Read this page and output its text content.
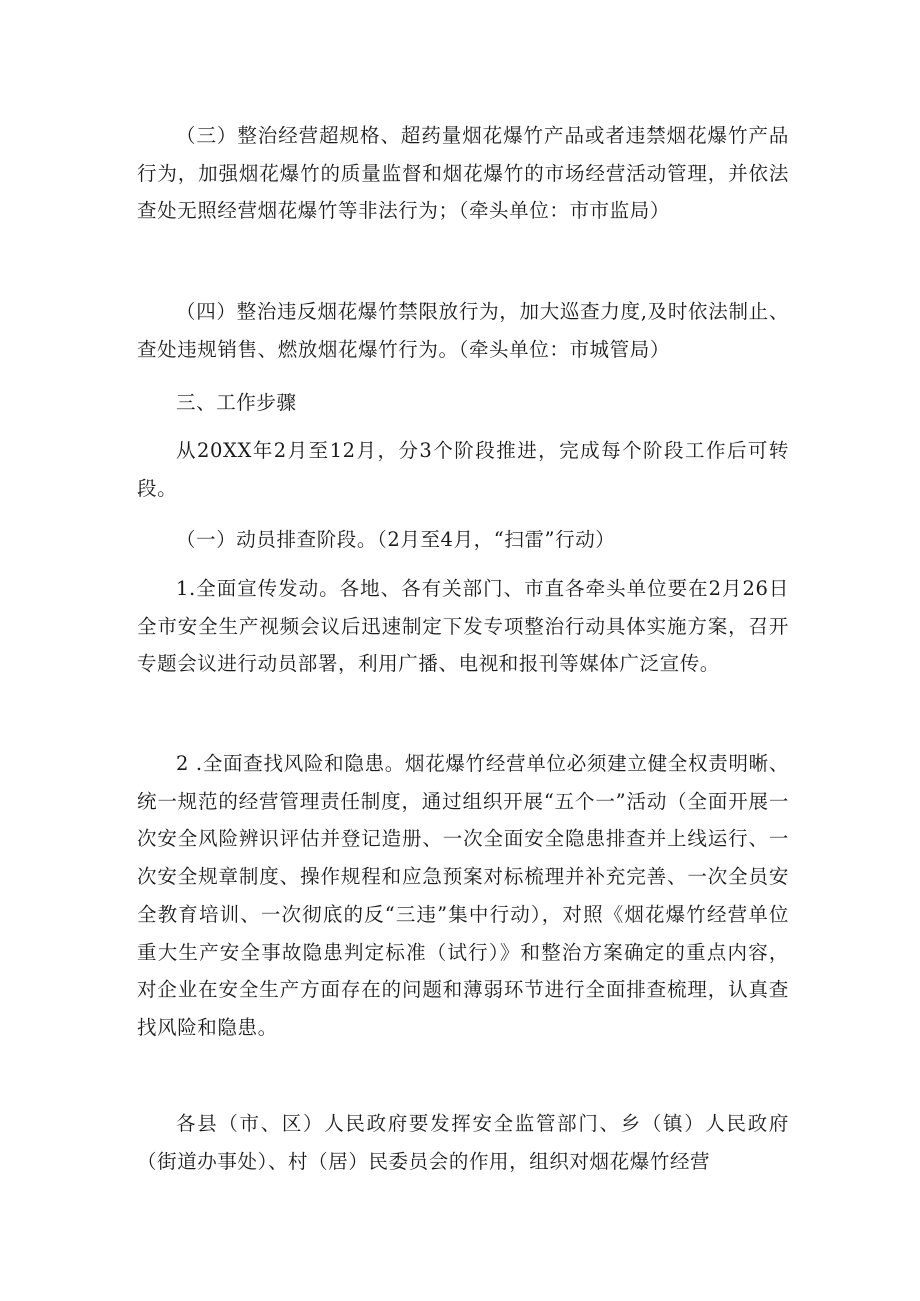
（三）整治经营超规格、超药量烟花爆竹产品或者违禁烟花爆竹产品行为，加强烟花爆竹的质量监督和烟花爆竹的市场经营活动管理，并依法查处无照经营烟花爆竹等非法行为；（牵头单位：市市监局）

（四）整治违反烟花爆竹禁限放行为，加大巡查力度,及时依法制止、查处违规销售、燃放烟花爆竹行为。（牵头单位：市城管局）

三、工作步骤

从20XX年2月至12月，分3个阶段推进，完成每个阶段工作后可转段。

（一）动员排查阶段。（2月至4月，“扫雷”行动）

1.全面宣传发动。各地、各有关部门、市直各牵头单位要在2月26日全市安全生产视频会议后迅速制定下发专项整治行动具体实施方案，召开专题会议进行动员部署，利用广播、电视和报刊等媒体广泛宣传。

2 .全面查找风险和隐患。烟花爆竹经营单位必须建立健全权责明晰、统一规范的经营管理责任制度，通过组织开展“五个一”活动（全面开展一次安全风险辨识评估并登记造册、一次全面安全隐患排查并上线运行、一次安全规章制度、操作规程和应急预案对标梳理并补充完善、一次全员安全教育培训、一次彻底的反“三违”集中行动），对照《烟花爆竹经营单位重大生产安全事故隐患判定标准（试行）》和整治方案确定的重点内容，对企业在安全生产方面存在的问题和薄弱环节进行全面排查梳理，认真查找风险和隐患。

各县（市、区）人民政府要发挥安全监管部门、乡（镇）人民政府（街道办事处）、村（居）民委员会的作用，组织对烟花爆竹经营
